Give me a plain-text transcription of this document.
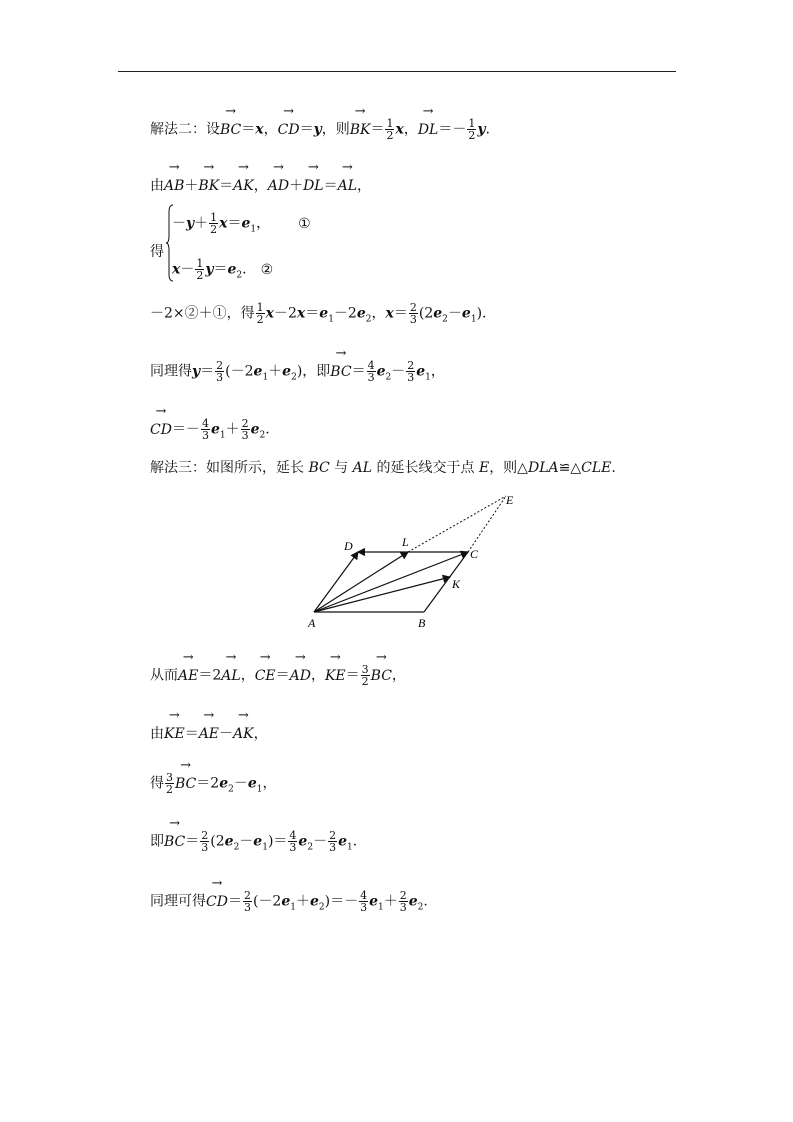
解法二：设→ BC＝x，→ CD＝y，则→ $BK= \frac{1}{2}$ x，→ $DL=- \frac{1}{2} y$.
由→ AB＋→ BK＝→ AK，→ AD＋→ DL＝→ AL，
得
$-y+ \frac{1}{2} x=e_1$， ①
$x- \frac{1}{2} y=e_2$. ②
－2×②＋①，得 $\frac{1}{2} x-2x=e_1-2e_2$，$x= \frac{2}{3} (2e_2-e_1)$.
同理得$y= \frac{2}{3} (-2e_1+e_2)$，即→ $BC= \frac{4}{3} e_2- \frac{2}{3} e_1$，
→ $CD=- \frac{4}{3} e_1+ \frac{2}{3} e_2$.
解法三：如图所示，延长 BC 与 AL 的延长线交于点 E，则△DLA≌△CLE.
A	B
C
D	L
K
E
从而→ AE＝2→ AL，→ CE＝→ AD，→ $KE= \frac{3}{2}$
→ BC，
由→ KE＝→ AE－→ AK，
得 $\frac{3}{2}$
→ $BC=2e_2-e_1$，
即→ $BC= \frac{2}{3} (2e_2-e_1)= \frac{4}{3} e_2- \frac{2}{3} e_1$.
同理可得→ $CD= \frac{2}{3} (-2e_1+e_2)=- \frac{4}{3} e_1+ \frac{2}{3} e_2$.
